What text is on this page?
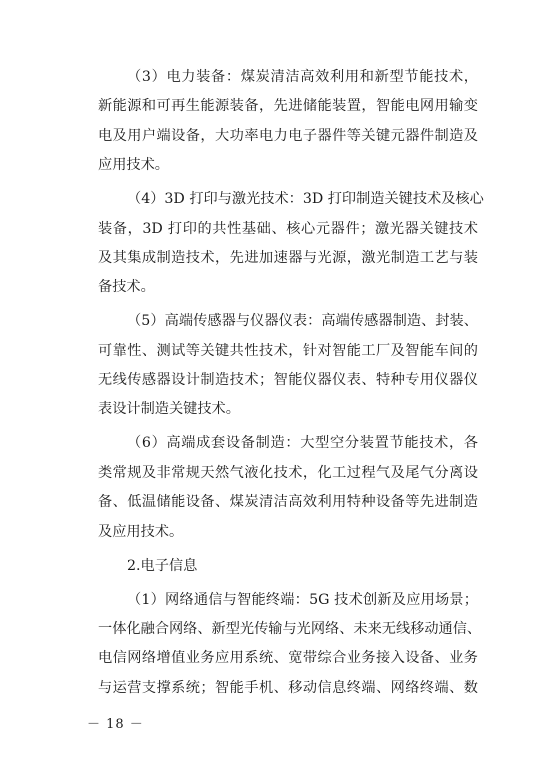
（3）电力装备：煤炭清洁高效利用和新型节能技术，
新能源和可再生能源装备，先进储能装置，智能电网用输变
电及用户端设备，大功率电力电子器件等关键元器件制造及
应用技术。
（4）3D 打印与激光技术：3D 打印制造关键技术及核心
装备，3D 打印的共性基础、核心元器件；激光器关键技术
及其集成制造技术，先进加速器与光源，激光制造工艺与装
备技术。
（5）高端传感器与仪器仪表：高端传感器制造、封装、
可靠性、测试等关键共性技术，针对智能工厂及智能车间的
无线传感器设计制造技术；智能仪器仪表、特种专用仪器仪
表设计制造关键技术。
（6）高端成套设备制造：大型空分装置节能技术，各
类常规及非常规天然气液化技术，化工过程气及尾气分离设
备、低温储能设备、煤炭清洁高效利用特种设备等先进制造
及应用技术。
2.电子信息
（1）网络通信与智能终端：5G 技术创新及应用场景；
一体化融合网络、新型光传输与光网络、未来无线移动通信、
电信网络增值业务应用系统、宽带综合业务接入设备、业务
与运营支撑系统；智能手机、移动信息终端、网络终端、数
－ 18 －
